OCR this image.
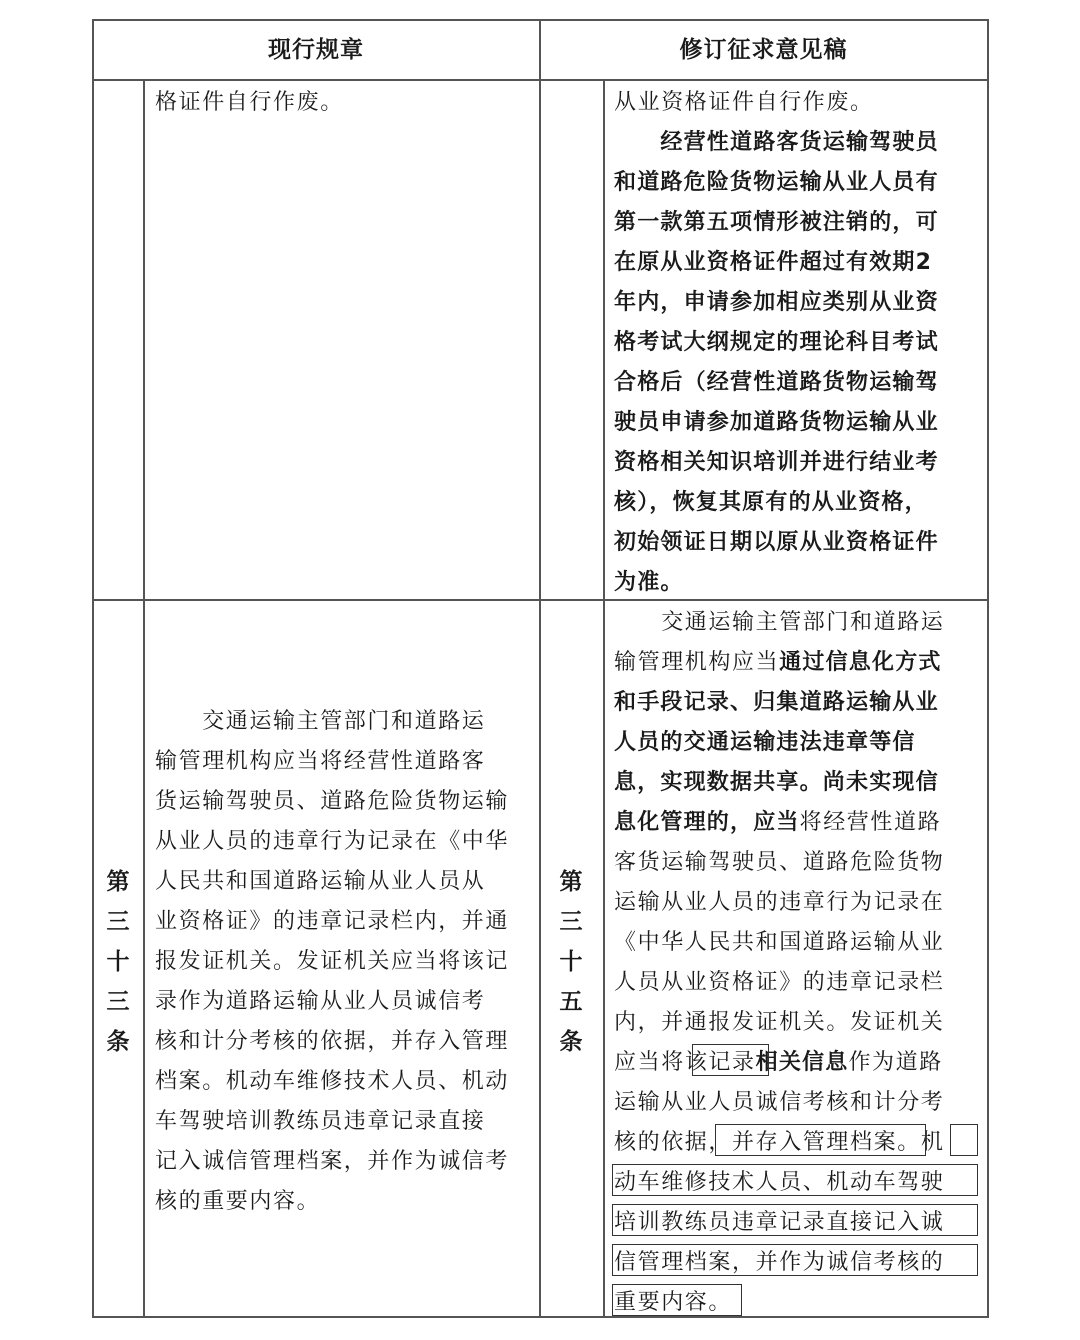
现行规章	修订征求意见稿
格证件自行作废。	从业资格证件自行作废。
　　经营性道路客货运输驾驶员
和道路危险货物运输从业人员有
第一款第五项情形被注销的，可
在原从业资格证件超过有效期2
年内，申请参加相应类别从业资
格考试大纲规定的理论科目考试
合格后（经营性道路货物运输驾
驶员申请参加道路货物运输从业
资格相关知识培训并进行结业考
核），恢复其原有的从业资格，
初始领证日期以原从业资格证件
为准。
第
三
十
三
条
　　交通运输主管部门和道路运
输管理机构应当将经营性道路客
货运输驾驶员、道路危险货物运输
从业人员的违章行为记录在《中华
人民共和国道路运输从业人员从
业资格证》的违章记录栏内，并通
报发证机关。发证机关应当将该记
录作为道路运输从业人员诚信考
核和计分考核的依据，并存入管理
档案。机动车维修技术人员、机动
车驾驶培训教练员违章记录直接
记入诚信管理档案，并作为诚信考
核的重要内容。
第
三
十
五
条
　　交通运输主管部门和道路运
输管理机构应当通过信息化方式
和手段记录、归集道路运输从业
人员的交通运输违法违章等信
息，实现数据共享。尚未实现信
息化管理的，应当将经营性道路
客货运输驾驶员、道路危险货物
运输从业人员的违章行为记录在
《中华人民共和国道路运输从业
人员从业资格证》的违章记录栏
内，并通报发证机关。发证机关
应当将该记录相关信息作为道路
运输从业人员诚信考核和计分考
核的依据，并存入管理档案。机
动车维修技术人员、机动车驾驶
培训教练员违章记录直接记入诚
信管理档案，并作为诚信考核的
重要内容。
